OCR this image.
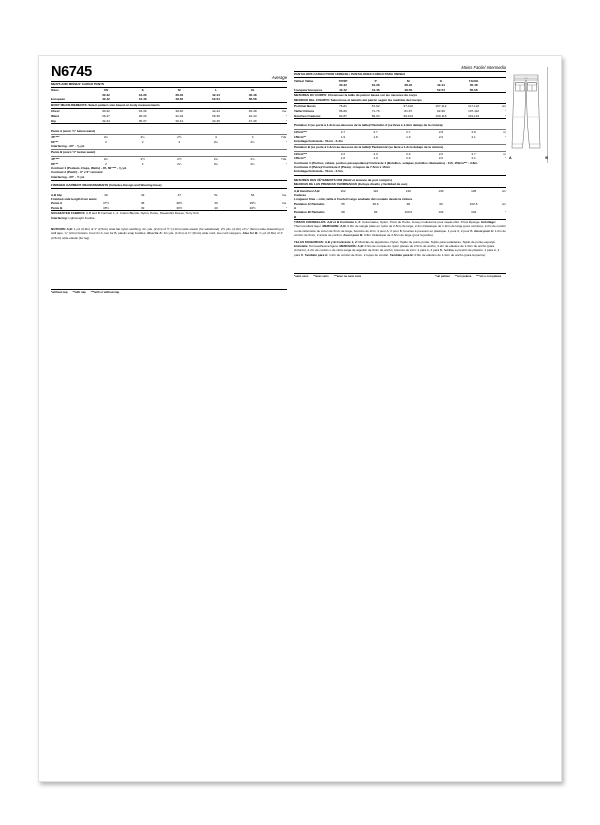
N6745	Average
MEN'S AND MISSES' CARGO PANTS
Sizes	XS	S	M	L	XL	
	30-32	34-36	38-40	42-44	46-48	
European	40-42	44-46	48-50	52-54	56-58	
BODY MEASUREMENTS: Select pattern size based on body measurements
Chest	30-32	34-36	38-40	42-44	46-48	Ins.
Waist	26-27	28-30	32-34	36-39	42-44	"
Hip	32-34	35-37	39-41	43-45	47-49	"
Pants A (worn ½" below waist)
45"***	2¼	2¼	2½	3	3	Yds.
60"**	2	2	2	2¼	2¼	"
Interfacing - 20" - ⅜ yd.
Pants B (worn ½" below waist)
45"***	2¼	2½	2½	2¾	2¾	Yds.
60"**	2	2	2¼	2¼	2¼	"
Contrast 1 (Pockets, Flaps, Welts) - 45, 60"*** - ⅞ yd.
Contrast 2 (Patch) - 3" x 6" remnant
Interfacing - 20" - ½ yd.
FINISHED GARMENT MEASUREMENTS (Includes Design and Wearing Ease)
A,B Hip	40	43	47	51	54	Ins.
Finished side length from waist
Pants A	37½	38	38½	39	39½	Ins.
Pants B	38½	39	39½	40	40½	"
SUGGESTED FABRICS: A,B and B Contrast 1, 2: Cotton Blends, Nylon, Ponte, Sweatshirt Fleece, Terry Knit.
Interfacing: Lightweight Fusible.
NOTIONS: A,B: 1 yd. (0.9m) of 1" (2.5cm) wide flat nylon webbing, 2¼ yds. (2.2m) of ½" (1.3cm) wide elastic (for waistband), 2½ yds. (2.2m) of ¼" (6mm) wide drawstring or twill tape, ¾" (2cm) buttons. Four for A, two for B, plastic snap buckles: Also for A: 1⅛ yds. (1.0m) of ¼" (6mm) wide cord, two cord stoppers. Also for B: ⅞ yd. (0.8m) of 1" (2.5cm) wide elastic (for leg).
*without nap **with nap ***with or without nap
Moins Facile/ Intermedio
PANTALONS CARGO POUR UNISEXE / PANTALONES CARGO PARA UNISEX
Tailles/ Tallas	TP/XP	P	M	G	TG/XG	
	30-32	34-36	38-40	42-44	46-48	
Français/ Europeos	40-42	44-46	48-50	52-54	56-58	
MESURES DU CORPS: Choisissez la taille du patron basée sur les mesures du corps
MEDIDAS DEL CUERPO: Seleccione el tamaño del patrón según las medidas del cuerpo
Poitrine/ Busto	76-81	87-92	97-102	107-112	117-122	cm
Taille/ Cintura	66-69	71-76	81-87	92-99	107-112	"
Hanches/ Caderas	82-87	89-94	99-104	109-115	119-124	"
Pantalon A (se porte à 1.3cm au-dessous de la taille)/ Pantalón A (se lleva a 1.3cm debajo de la cintura)
115cm***	2.7	2.7	2.7	2.8	2.8	m
150cm**	1.9	1.8	1.9	2.0	2.1	"
Entoilage/ Entretela - 51cm - 0.4m
Pantalon B (se porte à 1.3cm au-dessous de la taille)/ Pantalón B (se lleva a 1.3cm debajo de la cintura)
115cm***	2.2	2.3	2.4	2.6	2.7	m
150cm**	1.8	1.9	2.0	2.0	2.1	"
Contraste 1 (Poches, rabats, poches passepoilées)/ Contraste 1 (Bolsillos, solapas, bolsillos ribeteados) - 115, 150cm*** - 0.8m.
Contraste 2 (Pièce)/ Contraste 2 (Pieza) - Coupon de 7.5cm x 15cm
Entoilage/ Entretela - 51cm - 0.5m.
MESURES DES VÊTEMENTS FINI (Motif et aisance de port compris)
MEDIDAS DE LAS PRENDAS TERMINADAS (Incluye diseño y facilidad de uso)
A,B Hanches/ A,B Caderas	102	110	120	130	138	cm
Longueur finie – côté, taille à l'ourlet/ Largo acabado del costado desde la cintura
Pantalon A/ Pantalón A	95	96.5	98	99	100.5	cm
Pantalon B/ Pantalón B	98	99	100.5	102	103	"
TISSUS CONSEILLÉS: A,B et B Contraste 1, 2: Cotonnades, Nylon, Tricot de Ponte, Jersey molletonné pour sweat-shirt, Tricot Éponge. Entoilage: Thermocollant léger. MERCERIE: A,B: 0.9m de sangle plate en nylon de 2.5cm de large, 2.2m d'élastique de 1.3cm de large (pour ceinture), 2.2m de cordon ou de talonnette de coton de 6mm de large, boutons de 2cm: 4 pour A, 2 pour B, boucles à pression en plastique. 1 pour A, 2 pour B. Aussi pour A: 1.0m de cordon de 6mm, 2 arrêts de cordon. Aussi pour B: 0.8m d'élastique de 2.5cm de large (pour la jambe).
TELAS SUGERIDAS: A,B y B Contraste 1, 2: Mezclas de algodones, Nylon, Tejido de punto ponte, Tejido para sudaderas, Tejido de punto-esponja. Entretela: Termoadhesiva ligera. MERCERÍA: A,B: 0.9m de correas de nylon planas de 2.5cm de ancho, 2.2m de elástico de 1.3cm de ancho (para cinturón), 2.2m de cordón o de cinta sarga de algodón de 6mm de ancho, botones de 2cm: 4 para A, 2 para B, hebillas a presión de plástico. 1 para A, 2 para B. También para A: 1.0m de cordón de 6mm, 2 topes de cordón. También para B: 0.8m de elástico de 1.3cm de ancho (para la pierna).
*sans sens **avec sens ***avec ou sans sens	*sin pelusa **con pelusa ***sin o con pelusa
A	B
